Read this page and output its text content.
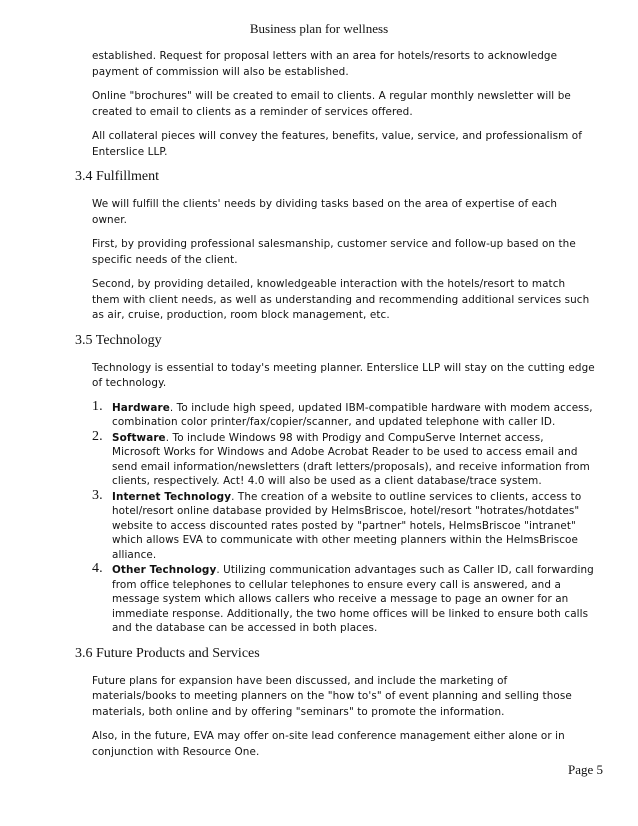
Business plan for wellness

established. Request for proposal letters with an area for hotels/resorts to acknowledge payment of commission will also be established.

Online "brochures" will be created to email to clients. A regular monthly newsletter will be created to email to clients as a reminder of services offered.

All collateral pieces will convey the features, benefits, value, service, and professionalism of Enterslice LLP.

3.4 Fulfillment

We will fulfill the clients' needs by dividing tasks based on the area of expertise of each owner.

First, by providing professional salesmanship, customer service and follow-up based on the specific needs of the client.

Second, by providing detailed, knowledgeable interaction with the hotels/resort to match them with client needs, as well as understanding and recommending additional services such as air, cruise, production, room block management, etc.

3.5 Technology

Technology is essential to today's meeting planner. Enterslice LLP will stay on the cutting edge of technology.

1. Hardware. To include high speed, updated IBM-compatible hardware with modem access, combination color printer/fax/copier/scanner, and updated telephone with caller ID.
2. Software. To include Windows 98 with Prodigy and CompuServe Internet access, Microsoft Works for Windows and Adobe Acrobat Reader to be used to access email and send email information/newsletters (draft letters/proposals), and receive information from clients, respectively. Act! 4.0 will also be used as a client database/trace system.
3. Internet Technology. The creation of a website to outline services to clients, access to hotel/resort online database provided by HelmsBriscoe, hotel/resort "hotrates/hotdates" website to access discounted rates posted by "partner" hotels, HelmsBriscoe "intranet" which allows EVA to communicate with other meeting planners within the HelmsBriscoe alliance.
4. Other Technology. Utilizing communication advantages such as Caller ID, call forwarding from office telephones to cellular telephones to ensure every call is answered, and a message system which allows callers who receive a message to page an owner for an immediate response. Additionally, the two home offices will be linked to ensure both calls and the database can be accessed in both places.
3.6 Future Products and Services

Future plans for expansion have been discussed, and include the marketing of materials/books to meeting planners on the "how to's" of event planning and selling those materials, both online and by offering "seminars" to promote the information.

Also, in the future, EVA may offer on-site lead conference management either alone or in conjunction with Resource One.

Page 5
